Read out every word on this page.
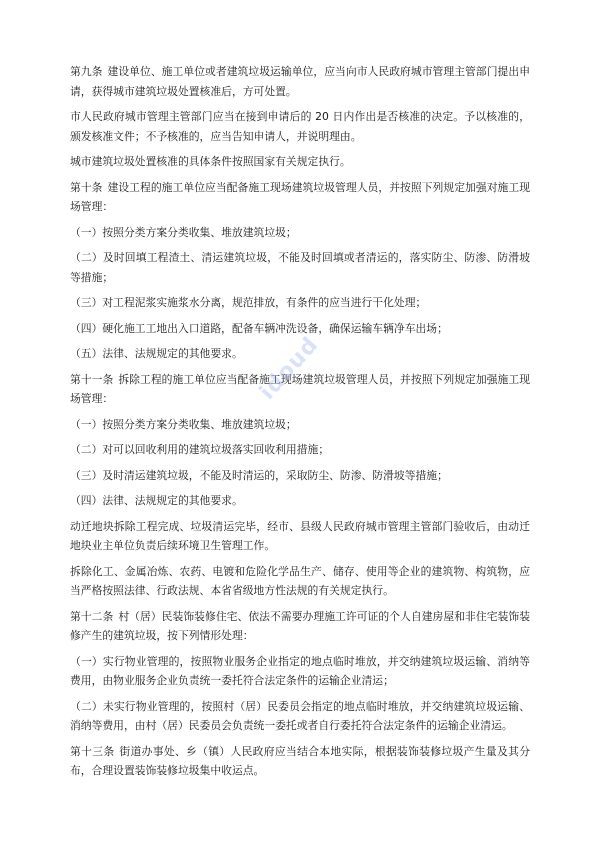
第九条 建设单位、施工单位或者建筑垃圾运输单位，应当向市人民政府城市管理主管部门提出申请，获得城市建筑垃圾处置核准后，方可处置。

市人民政府城市管理主管部门应当在接到申请后的 20 日内作出是否核准的决定。予以核准的，颁发核准文件；不予核准的，应当告知申请人，并说明理由。

城市建筑垃圾处置核准的具体条件按照国家有关规定执行。

第十条 建设工程的施工单位应当配备施工现场建筑垃圾管理人员，并按照下列规定加强对施工现场管理：

（一）按照分类方案分类收集、堆放建筑垃圾；

（二）及时回填工程渣土、清运建筑垃圾，不能及时回填或者清运的，落实防尘、防渗、防滑坡等措施；

（三）对工程泥浆实施浆水分离，规范排放，有条件的应当进行干化处理；

（四）硬化施工工地出入口道路，配备车辆冲洗设备，确保运输车辆净车出场；

（五）法律、法规规定的其他要求。

第十一条 拆除工程的施工单位应当配备施工现场建筑垃圾管理人员，并按照下列规定加强施工现场管理：

（一）按照分类方案分类收集、堆放建筑垃圾；

（二）对可以回收利用的建筑垃圾落实回收利用措施；

（三）及时清运建筑垃圾，不能及时清运的，采取防尘、防渗、防滑坡等措施；

（四）法律、法规规定的其他要求。

动迁地块拆除工程完成、垃圾清运完毕，经市、县级人民政府城市管理主管部门验收后，由动迁地块业主单位负责后续环境卫生管理工作。

拆除化工、金属冶炼、农药、电镀和危险化学品生产、储存、使用等企业的建筑物、构筑物，应当严格按照法律、行政法规、本省省级地方性法规的有关规定执行。

第十二条 村（居）民装饰装修住宅、依法不需要办理施工许可证的个人自建房屋和非住宅装饰装修产生的建筑垃圾，按下列情形处理：

（一）实行物业管理的，按照物业服务企业指定的地点临时堆放，并交纳建筑垃圾运输、消纳等费用，由物业服务企业负责统一委托符合法定条件的运输企业清运；

（二）未实行物业管理的，按照村（居）民委员会指定的地点临时堆放，并交纳建筑垃圾运输、消纳等费用，由村（居）民委员会负责统一委托或者自行委托符合法定条件的运输企业清运。

第十三条 街道办事处、乡（镇）人民政府应当结合本地实际，根据装饰装修垃圾产生量及其分布，合理设置装饰装修垃圾集中收运点。

idoud
